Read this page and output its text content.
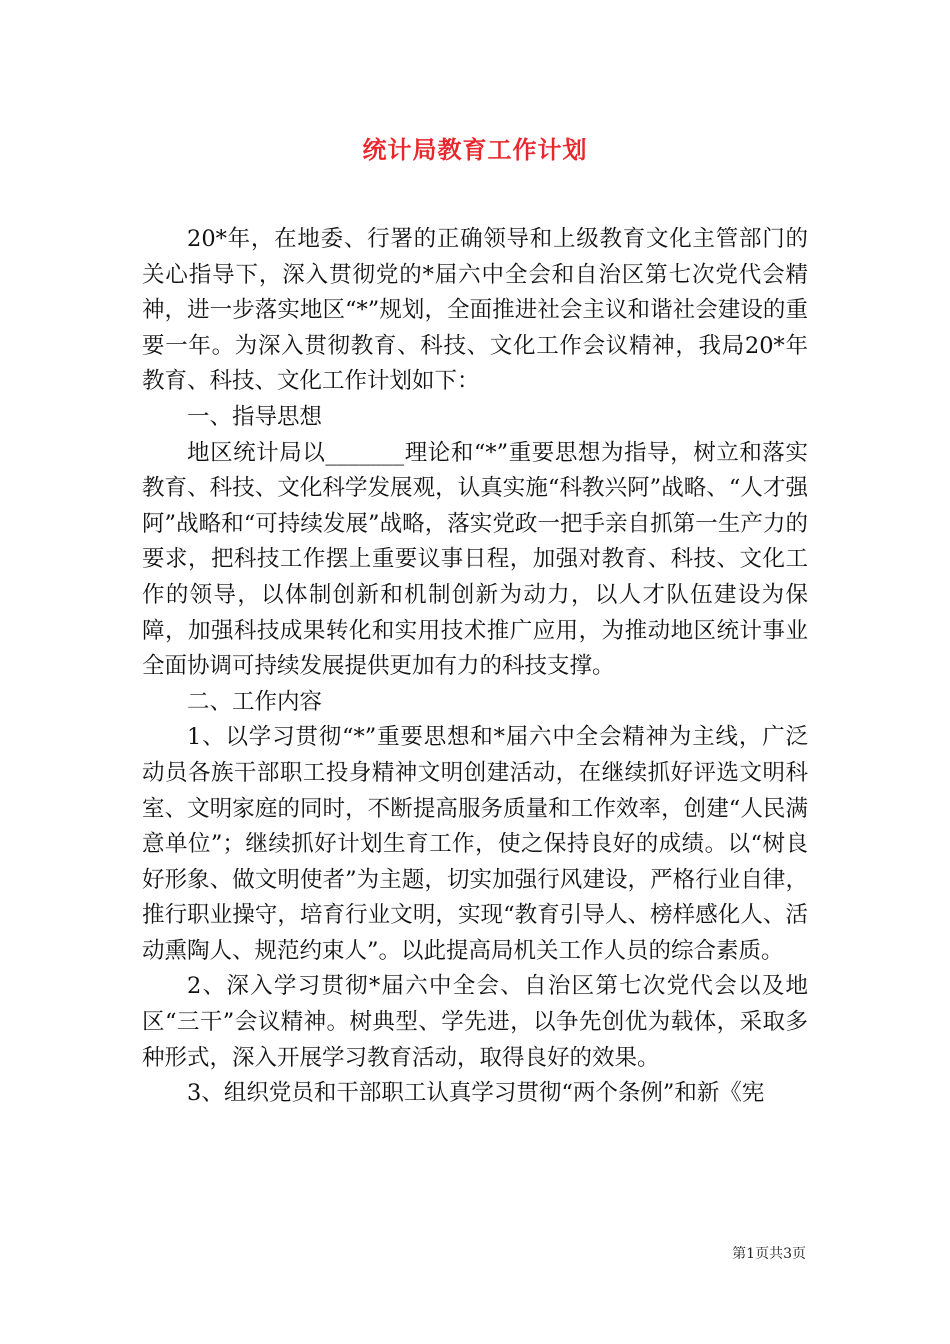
统计局教育工作计划

20*年，在地委、行署的正确领导和上级教育文化主管部门的关心指导下，深入贯彻党的*届六中全会和自治区第七次党代会精神，进一步落实地区“*”规划，全面推进社会主议和谐社会建设的重要一年。为深入贯彻教育、科技、文化工作会议精神，我局20*年教育、科技、文化工作计划如下：

一、指导思想

地区统计局以_______理论和“*”重要思想为指导，树立和落实教育、科技、文化科学发展观，认真实施“科教兴阿”战略、“人才强阿”战略和“可持续发展”战略，落实党政一把手亲自抓第一生产力的要求，把科技工作摆上重要议事日程，加强对教育、科技、文化工作的领导，以体制创新和机制创新为动力，以人才队伍建设为保障，加强科技成果转化和实用技术推广应用，为推动地区统计事业全面协调可持续发展提供更加有力的科技支撑。

二、工作内容

1、以学习贯彻“*”重要思想和*届六中全会精神为主线，广泛动员各族干部职工投身精神文明创建活动，在继续抓好评选文明科室、文明家庭的同时，不断提高服务质量和工作效率，创建“人民满意单位”；继续抓好计划生育工作，使之保持良好的成绩。以“树良好形象、做文明使者”为主题，切实加强行风建设，严格行业自律，推行职业操守，培育行业文明，实现“教育引导人、榜样感化人、活动熏陶人、规范约束人”。以此提高局机关工作人员的综合素质。

2、深入学习贯彻*届六中全会、自治区第七次党代会以及地区“三干”会议精神。树典型、学先进，以争先创优为载体，采取多种形式，深入开展学习教育活动，取得良好的效果。

3、组织党员和干部职工认真学习贯彻“两个条例”和新《宪

第1页共3页
